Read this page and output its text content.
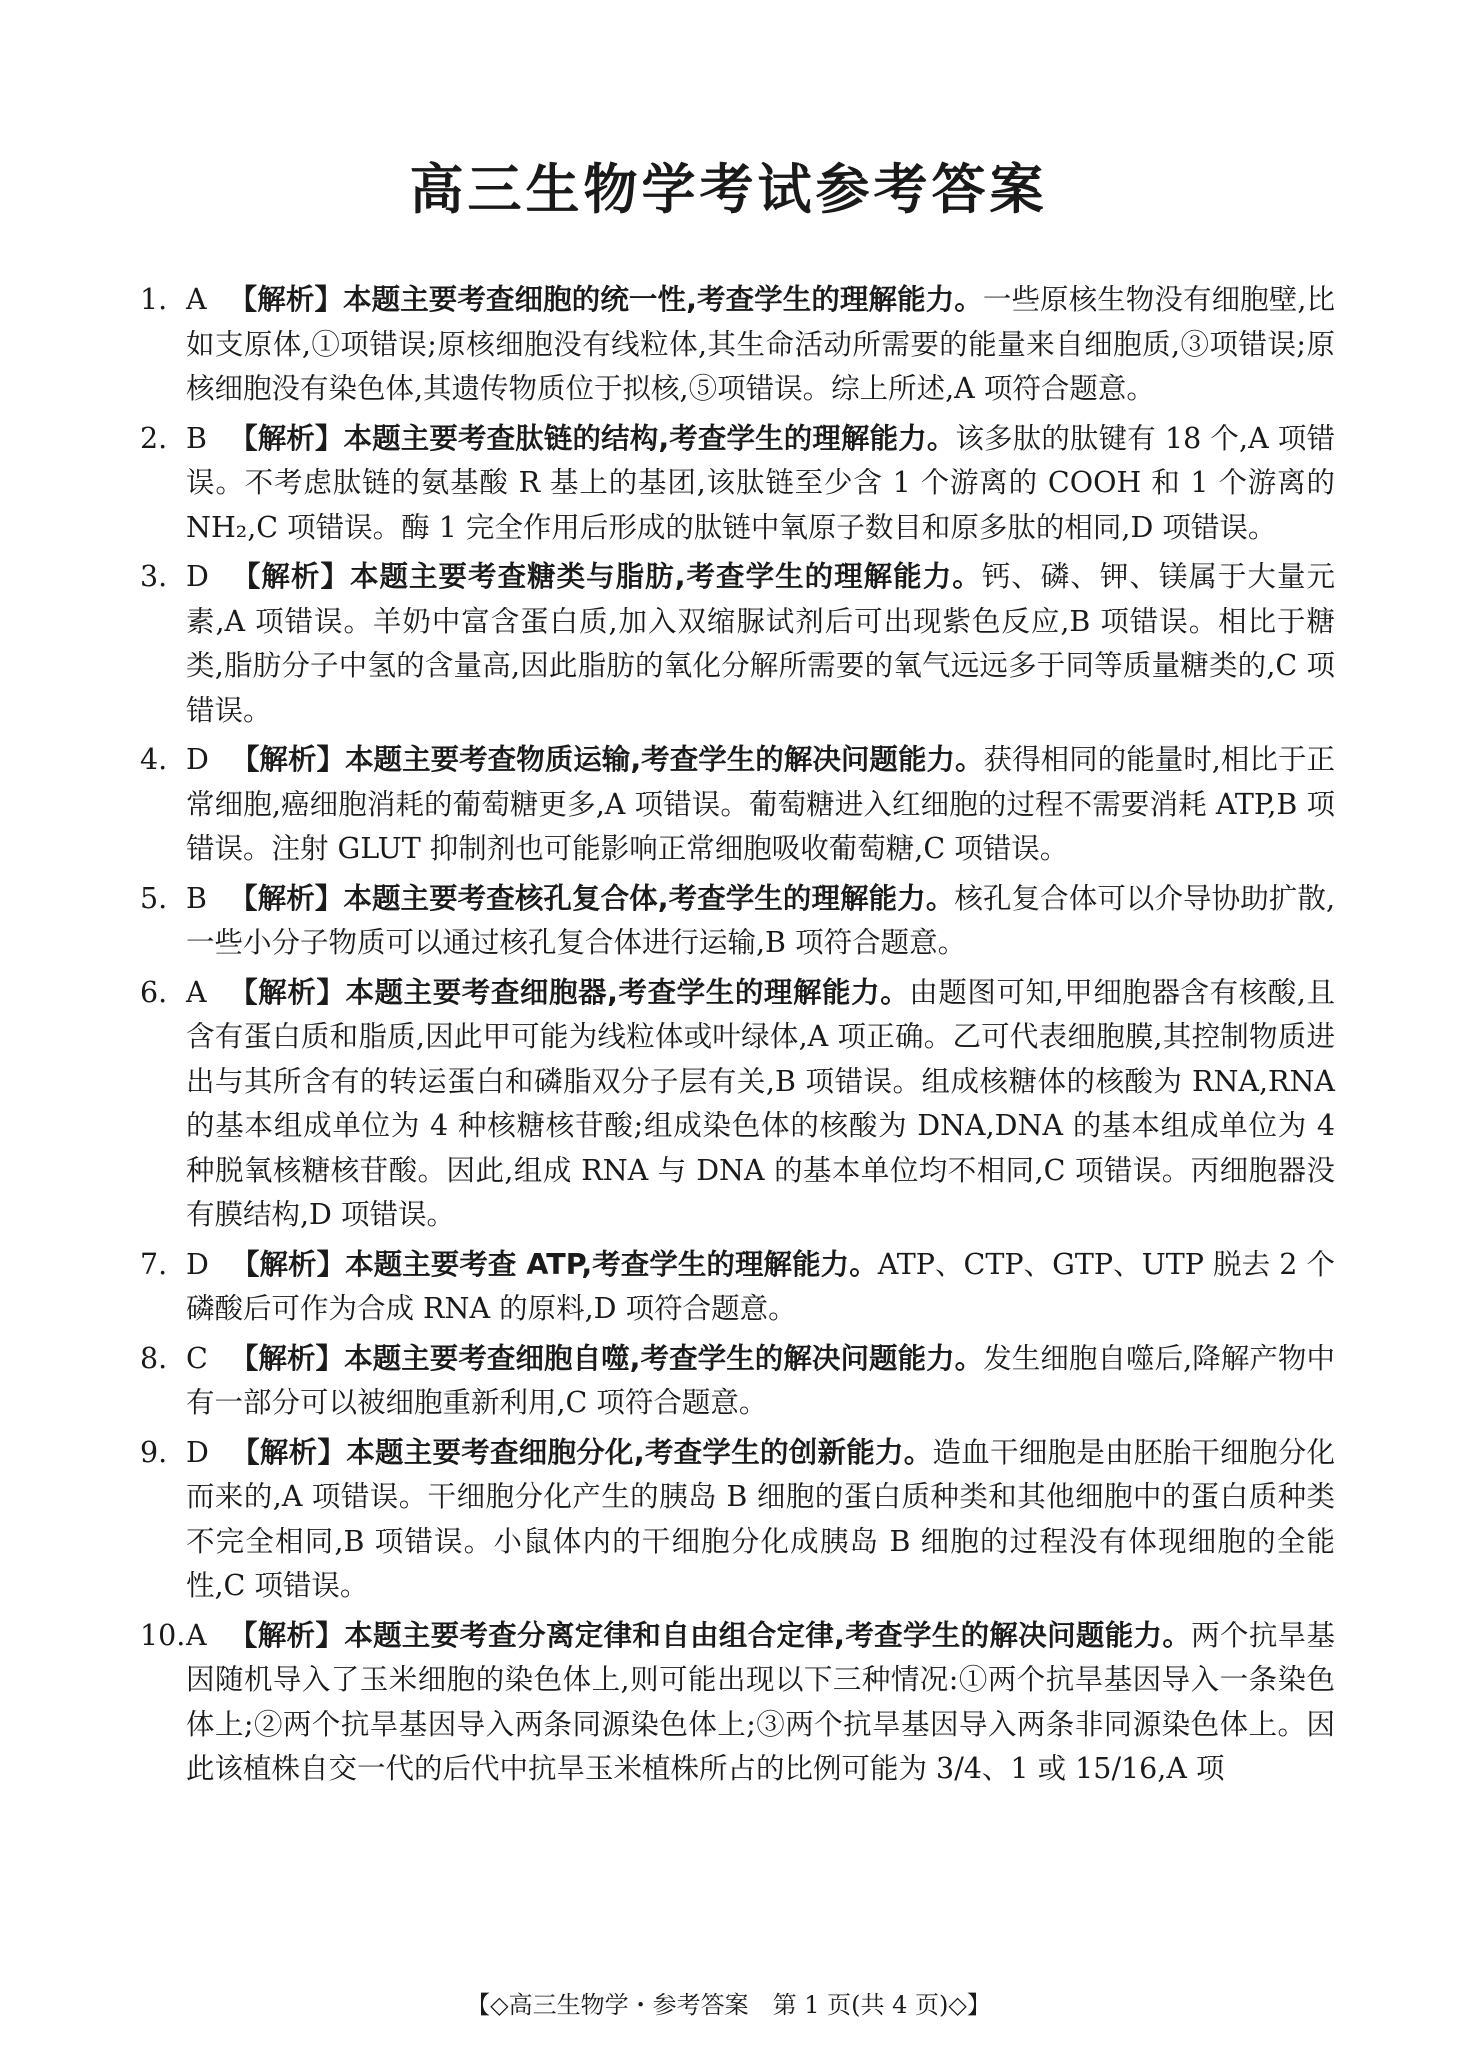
高三生物学考试参考答案
1. A 【解析】本题主要考查细胞的统一性,考查学生的理解能力。一些原核生物没有细胞壁,比如支原体,①项错误;原核细胞没有线粒体,其生命活动所需要的能量来自细胞质,③项错误;原核细胞没有染色体,其遗传物质位于拟核,⑤项错误。综上所述,A 项符合题意。
2. B 【解析】本题主要考查肽链的结构,考查学生的理解能力。该多肽的肽键有 18 个,A 项错误。不考虑肽链的氨基酸 R 基上的基团,该肽链至少含 1 个游离的 COOH 和 1 个游离的 NH₂,C 项错误。酶 1 完全作用后形成的肽链中氧原子数目和原多肽的相同,D 项错误。
3. D 【解析】本题主要考查糖类与脂肪,考查学生的理解能力。钙、磷、钾、镁属于大量元素,A 项错误。羊奶中富含蛋白质,加入双缩脲试剂后可出现紫色反应,B 项错误。相比于糖类,脂肪分子中氢的含量高,因此脂肪的氧化分解所需要的氧气远远多于同等质量糖类的,C 项错误。
4. D 【解析】本题主要考查物质运输,考查学生的解决问题能力。获得相同的能量时,相比于正常细胞,癌细胞消耗的葡萄糖更多,A 项错误。葡萄糖进入红细胞的过程不需要消耗 ATP,B 项错误。注射 GLUT 抑制剂也可能影响正常细胞吸收葡萄糖,C 项错误。
5. B 【解析】本题主要考查核孔复合体,考查学生的理解能力。核孔复合体可以介导协助扩散,一些小分子物质可以通过核孔复合体进行运输,B 项符合题意。
6. A 【解析】本题主要考查细胞器,考查学生的理解能力。由题图可知,甲细胞器含有核酸,且含有蛋白质和脂质,因此甲可能为线粒体或叶绿体,A 项正确。乙可代表细胞膜,其控制物质进出与其所含有的转运蛋白和磷脂双分子层有关,B 项错误。组成核糖体的核酸为 RNA,RNA 的基本组成单位为 4 种核糖核苷酸;组成染色体的核酸为 DNA,DNA 的基本组成单位为 4 种脱氧核糖核苷酸。因此,组成 RNA 与 DNA 的基本单位均不相同,C 项错误。丙细胞器没有膜结构,D 项错误。
7. D 【解析】本题主要考查 ATP,考查学生的理解能力。ATP、CTP、GTP、UTP 脱去 2 个磷酸后可作为合成 RNA 的原料,D 项符合题意。
8. C 【解析】本题主要考查细胞自噬,考查学生的解决问题能力。发生细胞自噬后,降解产物中有一部分可以被细胞重新利用,C 项符合题意。
9. D 【解析】本题主要考查细胞分化,考查学生的创新能力。造血干细胞是由胚胎干细胞分化而来的,A 项错误。干细胞分化产生的胰岛 B 细胞的蛋白质种类和其他细胞中的蛋白质种类不完全相同,B 项错误。小鼠体内的干细胞分化成胰岛 B 细胞的过程没有体现细胞的全能性,C 项错误。
10. A 【解析】本题主要考查分离定律和自由组合定律,考查学生的解决问题能力。两个抗旱基因随机导入了玉米细胞的染色体上,则可能出现以下三种情况:①两个抗旱基因导入一条染色体上;②两个抗旱基因导入两条同源染色体上;③两个抗旱基因导入两条非同源染色体上。因此该植株自交一代的后代中抗旱玉米植株所占的比例可能为 3/4、1 或 15/16,A 项
【◇高三生物学・参考答案　第 1 页(共 4 页)◇】
